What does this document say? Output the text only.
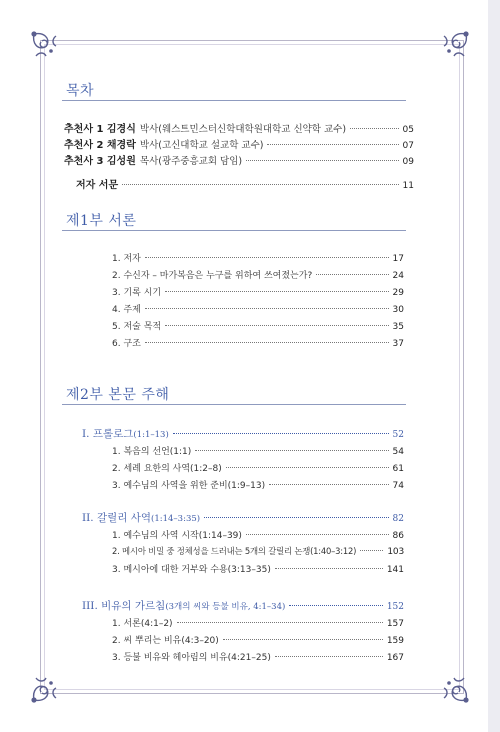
목차
추천사 1 김경식 박사(웨스트민스터신학대학원대학교 신약학 교수)	05
추천사 2 채경락 박사(고신대학교 설교학 교수)	07
추천사 3 김성원 목사(광주중흥교회 담임)	09
저자 서문	11
제1부 서론
1. 저자	17
2. 수신자 – 마가복음은 누구를 위하여 쓰여졌는가?	24
3. 기록 시기	29
4. 주제	30
5. 저술 목적	35
6. 구조	37
제2부 본문 주해
I. 프롤로그 (1:1–13)	52
1. 복음의 선언(1:1)	54
2. 세례 요한의 사역(1:2–8)	61
3. 예수님의 사역을 위한 준비(1:9–13)	74
II. 갈릴리 사역 (1:14–3:35)	82
1. 예수님의 사역 시작(1:14–39)	86
2. 메시아 비밀 중 정체성을 드러내는 5개의 갈릴리 논쟁(1:40–3:12)	103
3. 메시아에 대한 거부와 수용(3:13–35)	141
III. 비유의 가르침 (3개의 씨와 등불 비유, 4:1–34)	152
1. 서론(4:1–2)	157
2. 씨 뿌리는 비유(4:3–20)	159
3. 등불 비유와 헤아림의 비유(4:21–25)	167
